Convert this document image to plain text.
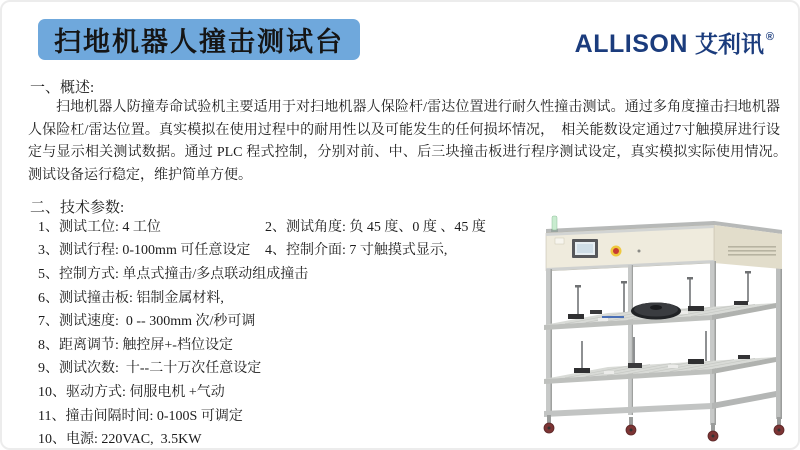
扫地机器人撞击测试台	ALLISON 艾利讯 ®
一、概述:
扫地机器人防撞寿命试验机主要适用于对扫地机器人保险杆/雷达位置进行耐久性撞击测试。通过多角度撞击扫地机器人保险杠/雷达位置。真实模拟在使用过程中的耐用性以及可能发生的任何损坏情况，　相关能数设定通过7寸触摸屏进行设定与显示相关测试数据。通过 PLC 程式控制，分别对前、中、后三块撞击板进行程序测试设定，真实模拟实际使用情况。　测试设备运行稳定，维护简单方便。
二、技术参数:
1、测试工位: 4 工位	2、测试角度: 负 45 度、0 度 、45 度
3、测试行程: 0-100mm 可任意设定	4、控制介面: 7 寸触摸式显示,
5、控制方式: 单点式撞击/多点联动组成撞击
6、测试撞击板: 铝制金属材料,
7、测试速度:  0 -- 300mm 次/秒可调
8、距离调节: 触控屏+-档位设定
9、测试次数:  十--二十万次任意设定
10、驱动方式: 伺服电机 +气动
11、撞击间隔时间: 0-100S 可调定
10、电源: 220VAC,  3.5KW
